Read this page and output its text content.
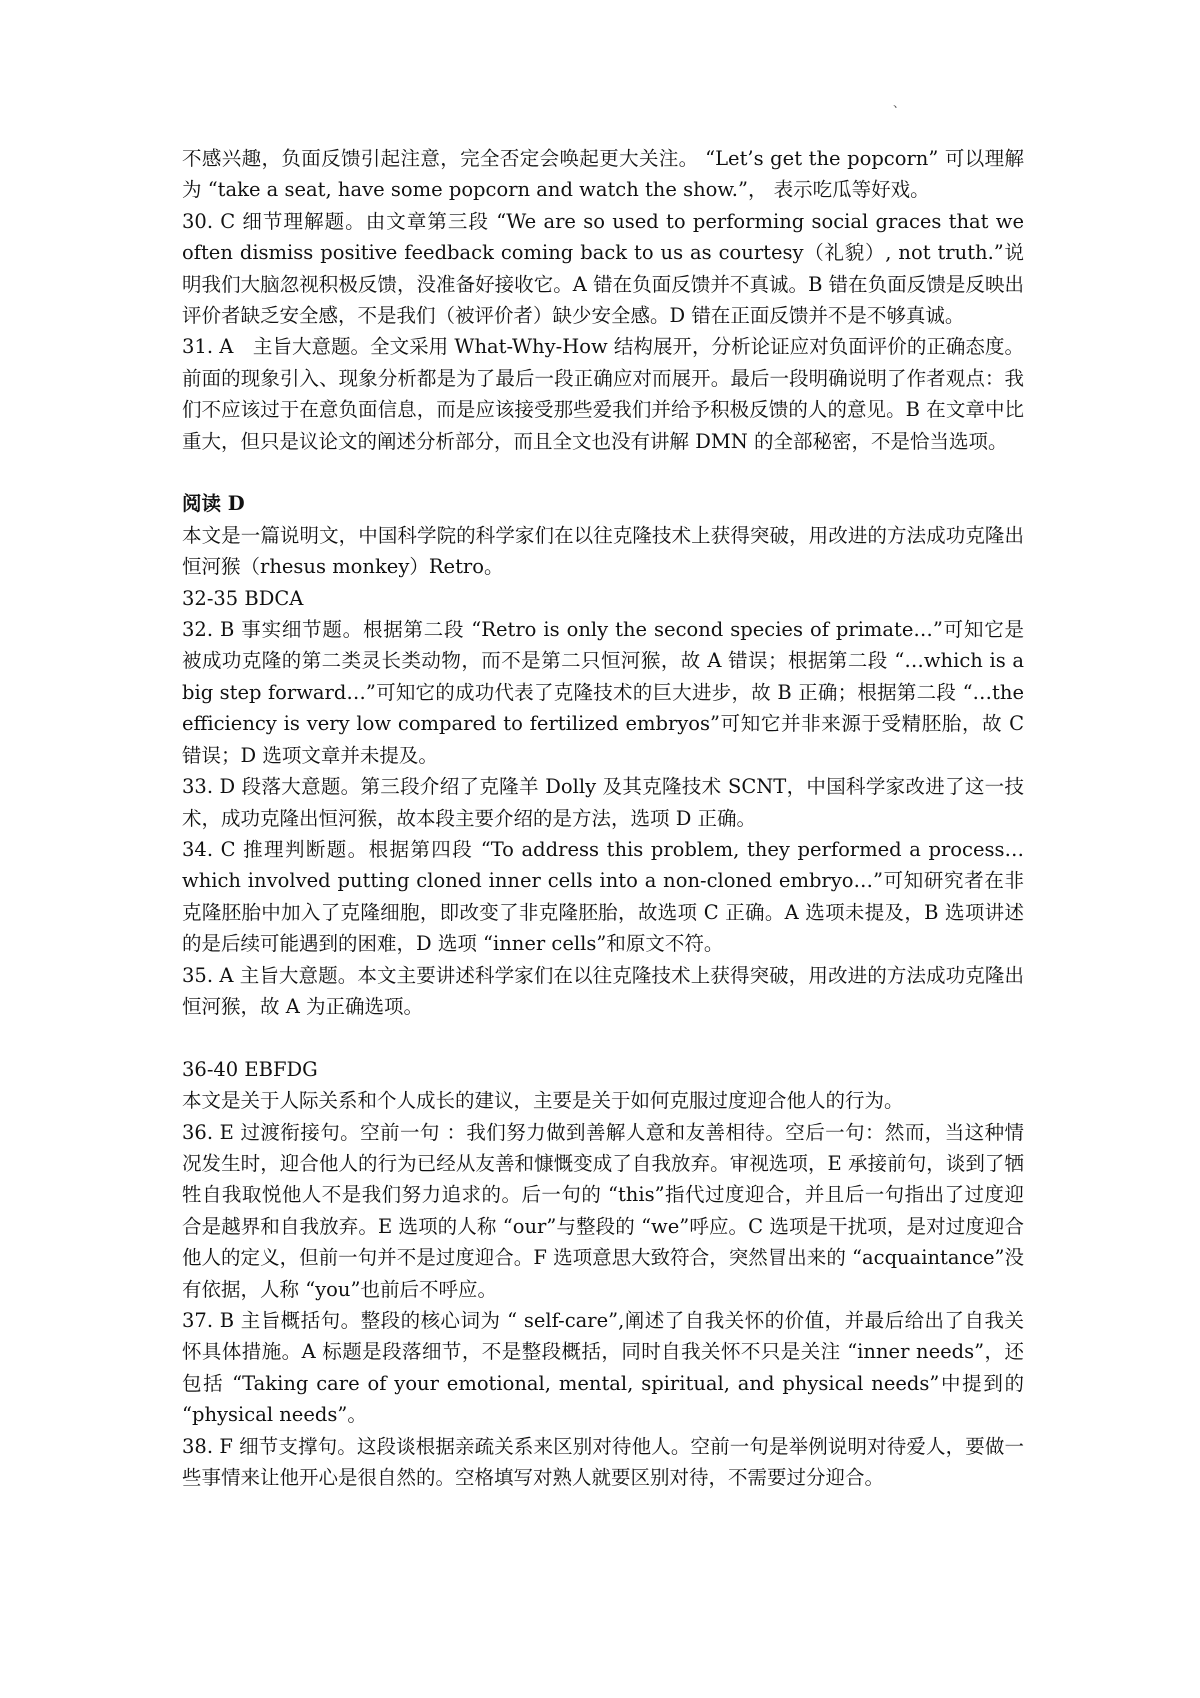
、

不感兴趣，负面反馈引起注意，完全否定会唤起更大关注。 “Let’s get the popcorn” 可以理解为 “take a seat, have some popcorn and watch the show.”， 表示吃瓜等好戏。

30. C 细节理解题。由文章第三段 “We are so used to performing social graces that we often dismiss positive feedback coming back to us as courtesy（礼貌）, not truth.”说明我们大脑忽视积极反馈，没准备好接收它。A 错在负面反馈并不真诚。B 错在负面反馈是反映出评价者缺乏安全感，不是我们（被评价者）缺少安全感。D 错在正面反馈并不是不够真诚。

31. A　主旨大意题。全文采用 What-Why-How 结构展开，分析论证应对负面评价的正确态度。前面的现象引入、现象分析都是为了最后一段正确应对而展开。最后一段明确说明了作者观点：我们不应该过于在意负面信息，而是应该接受那些爱我们并给予积极反馈的人的意见。B 在文章中比重大，但只是议论文的阐述分析部分，而且全文也没有讲解 DMN 的全部秘密，不是恰当选项。

阅读 D

本文是一篇说明文，中国科学院的科学家们在以往克隆技术上获得突破，用改进的方法成功克隆出恒河猴（rhesus monkey）Retro。

32-35 BDCA

32. B 事实细节题。根据第二段 “Retro is only the second species of primate…”可知它是被成功克隆的第二类灵长类动物，而不是第二只恒河猴，故 A 错误；根据第二段 “…which is a big step forward…”可知它的成功代表了克隆技术的巨大进步，故 B 正确；根据第二段 “…the efficiency is very low compared to fertilized embryos”可知它并非来源于受精胚胎，故 C 错误；D 选项文章并未提及。

33. D 段落大意题。第三段介绍了克隆羊 Dolly 及其克隆技术 SCNT，中国科学家改进了这一技术，成功克隆出恒河猴，故本段主要介绍的是方法，选项 D 正确。

34. C 推理判断题。根据第四段 “To address this problem, they performed a process…which involved putting cloned inner cells into a non-cloned embryo…”可知研究者在非克隆胚胎中加入了克隆细胞，即改变了非克隆胚胎，故选项 C 正确。A 选项未提及，B 选项讲述的是后续可能遇到的困难，D 选项 “inner cells”和原文不符。

35. A 主旨大意题。本文主要讲述科学家们在以往克隆技术上获得突破，用改进的方法成功克隆出恒河猴，故 A 为正确选项。

36-40 EBFDG

本文是关于人际关系和个人成长的建议，主要是关于如何克服过度迎合他人的行为。

36. E 过渡衔接句。空前一句 ：我们努力做到善解人意和友善相待。空后一句：然而，当这种情况发生时，迎合他人的行为已经从友善和慷慨变成了自我放弃。审视选项，E 承接前句，谈到了牺牲自我取悦他人不是我们努力追求的。后一句的 “this”指代过度迎合，并且后一句指出了过度迎合是越界和自我放弃。E 选项的人称 “our”与整段的 “we”呼应。C 选项是干扰项，是对过度迎合他人的定义，但前一句并不是过度迎合。F 选项意思大致符合，突然冒出来的 “acquaintance”没有依据，人称 “you”也前后不呼应。

37. B 主旨概括句。整段的核心词为 “ self-care”,阐述了自我关怀的价值，并最后给出了自我关怀具体措施。A 标题是段落细节，不是整段概括，同时自我关怀不只是关注 “inner needs”，还包括 “Taking care of your emotional, mental, spiritual, and physical needs”中提到的 “physical needs”。

38. F 细节支撑句。这段谈根据亲疏关系来区别对待他人。空前一句是举例说明对待爱人，要做一些事情来让他开心是很自然的。空格填写对熟人就要区别对待，不需要过分迎合。
